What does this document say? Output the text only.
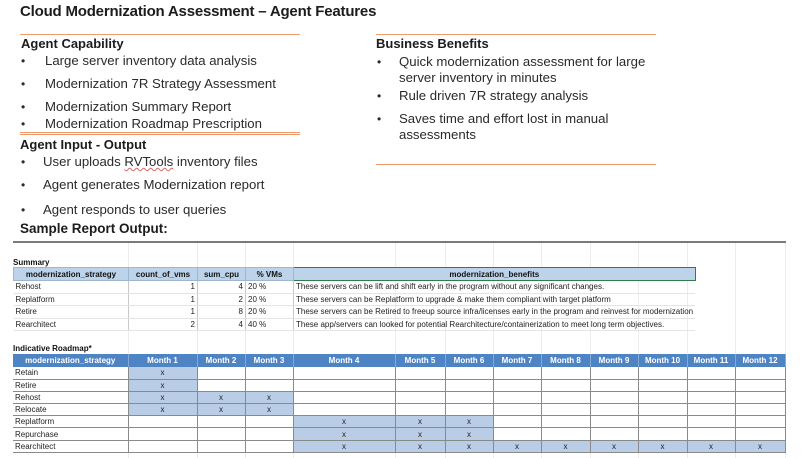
Cloud Modernization Assessment – Agent Features
Agent Capability
• Large server inventory data analysis
• Modernization 7R Strategy Assessment
• Modernization Summary Report
• Modernization Roadmap Prescription
Agent Input - Output
• User uploads RVTools inventory files
• Agent generates Modernization report
• Agent responds to user queries
Business Benefits
• Quick modernization assessment for large server inventory in minutes
• Rule driven 7R strategy analysis
• Saves time and effort lost in manual assessments
Sample Report Output:
Summary
modernization_strategy	count_of_vms	sum_cpu	% VMs	modernization_benefits
Rehost	1	4	20 %	These servers can be lift and shift early in the program without any significant changes.
Replatform	1	2	20 %	These servers can be Replatform to upgrade & make them compliant with target platform
Retire	1	8	20 %	These servers can be Retired to freeup source infra/licenses early in the program and reinvest for modernization
Rearchitect	2	4	40 %	These app/servers can looked for potential Rearchitecture/containerization to meet long term objectives.
Indicative Roadmap*
modernization_strategy	Month 1	Month 2	Month 3	Month 4	Month 5	Month 6	Month 7	Month 8	Month 9	Month 10	Month 11	Month 12
Retain	x											
Retire	x											
Rehost	x	x	x									
Relocate	x	x	x									
Replatform				x	x	x						
Repurchase				x	x	x						
Rearchitect				x	x	x	x	x	x	x	x	x
